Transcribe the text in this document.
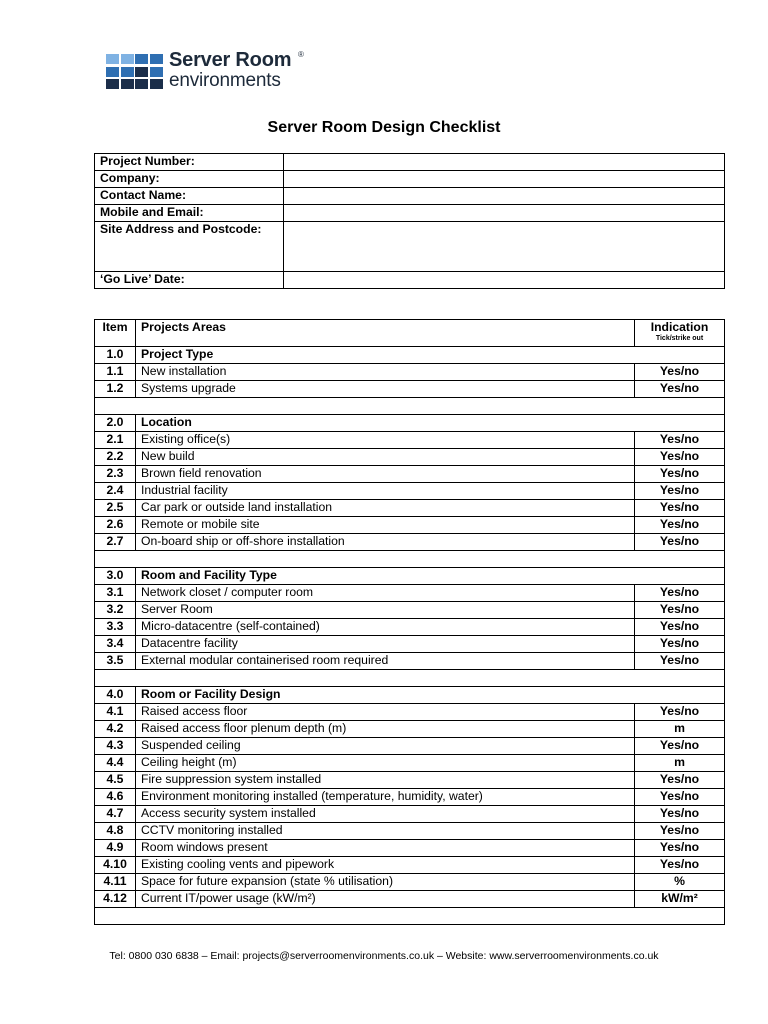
Server Room ®
environments
Server Room Design Checklist
Project Number:	
Company:	
Contact Name:	
Mobile and Email:	
Site Address and Postcode:	
‘Go Live’ Date:	
Item	Projects Areas	Indication
Tick/strike out

1.0	Project Type	
1.1	New installation	Yes/no
1.2	Systems upgrade	Yes/no

2.0	Location	
2.1	Existing office(s)	Yes/no
2.2	New build	Yes/no
2.3	Brown field renovation	Yes/no
2.4	Industrial facility	Yes/no
2.5	Car park or outside land installation	Yes/no
2.6	Remote or mobile site	Yes/no
2.7	On-board ship or off-shore installation	Yes/no

3.0	Room and Facility Type	
3.1	Network closet / computer room	Yes/no
3.2	Server Room	Yes/no
3.3	Micro-datacentre (self-contained)	Yes/no
3.4	Datacentre facility	Yes/no
3.5	External modular containerised room required	Yes/no

4.0	Room or Facility Design	
4.1	Raised access floor	Yes/no
4.2	Raised access floor plenum depth (m)	m
4.3	Suspended ceiling	Yes/no
4.4	Ceiling height (m)	m
4.5	Fire suppression system installed	Yes/no
4.6	Environment monitoring installed (temperature, humidity, water)	Yes/no
4.7	Access security system installed	Yes/no
4.8	CCTV monitoring installed	Yes/no
4.9	Room windows present	Yes/no
4.10	Existing cooling vents and pipework	Yes/no
4.11	Space for future expansion (state % utilisation)	%
4.12	Current IT/power usage (kW/m²)	kW/m²

Tel: 0800 030 6838 – Email: projects@serverroomenvironments.co.uk – Website: www.serverroomenvironments.co.uk
